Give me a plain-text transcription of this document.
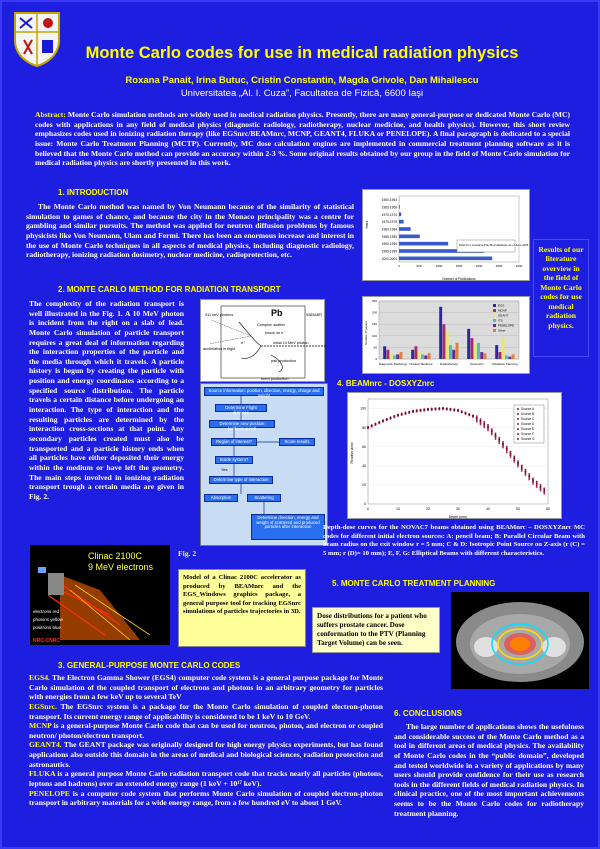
Monte Carlo codes for use in medical radiation physics
Roxana Panait, Irina Butuc, Cristin Constantin, Magda Grivole, Dan Mihailescu
Universitatea „Al. I. Cuza”, Facultatea de Fizică, 6600 Iaşi
Abstract: Monte Carlo simulation methods are widely used in medical radiation physics. Presently, there are many general-purpose or dedicated Monte Carlo (MC) codes with applications in any field of medical physics (diagnostic radiology, radiotherapy, nuclear medicine, and health physics). However, this short review emphasizes codes used in ionizing radiation therapy (like EGSnrc/BEAMnrc, MCNP, GEANT4, FLUKA or PENELOPE). A final paragraph is dedicated to a special issue: Monte Carlo Treatment Planning (MCTP). Currently, MC dose calculation engines are implemented in commercial treatment planning software as it is believed that the Monte Carlo method can provide an accuracy within 2-3 %. Some original results obtained by our group in the field of Monte Carlo simulation for medical radiation physics are shortly presented in this work.
1. INTRODUCTION
The Monte Carlo method was named by Von Neumann because of the similarity of statistical simulation to games of chance, and because the city in the Monaco principality was a centre for gambling and similar pursuits. The method was applied for neutron diffusion problems by famous physicists like Von Neumann, Ulam and Fermi. There has been an enormous increase and interest in the use of Monte Carlo techniques in all aspects of medical physics, including diagnostic radiology, radiotherapy, ionizing radiation dosimetry, nuclear medicine, radioprotection, etc.
1960-1964
1965-1969
1970-1974
1975-1979
1980-1984
1985-1989
1990-1994
1995-1999
2000-2004
0	500	1000	1500	2000	2500	3000
Data from Lusitania Pub-Med database as of June 2005
Number of Publications
Years
Results of our literature overview in the field of Monte Carlo codes for use medical radiation physics.
2. MONTE CARLO METHOD FOR RADIATION TRANSPORT
0
50
100
150
200
250
Diagnostic Radiology Nuclear Medicine Radiotherapy	Dosimetry	Radiation Planning
EGS
MCNP
GEANT
ITS
PENELOPE
Other
Number of papers
The complexity of the radiation transport is well illustrated in the Fig. 1. A 10 MeV photon is incident from the right on a slab of lead. Monte Carlo simulation of particle transport requires a great deal of information regarding the interaction properties of the particle and the media through which it travels. A particle history is begun by creating the particle with position and energy coordinates according to a specified source distribution. The particle travels a certain distance before undergoing an interaction. The type of interaction and the resulting particles are determined by the interaction cross-sections at that point. Any secondary particles created must also be transported and a particle history ends when all particles have either deposited their energy within the medium or have left the geometry. The main steps involved in ionizing radiation transport trough a certain media are given in Fig. 2.
Pb	vacuum
511 keV photons
Compton scatter
knock on e⁻
e⁺	initial 10 MeV photon
annihilation in flight
pair production
brem production
Source information: position, direction, energy, charge and weight
Determine Flight distance
Determine new position (collision point)
Region of interest?	Score results
Inside system?
Yes
Determine type of interaction
Absorption	Scattering
Determine direction, energy and weight of scattered and produced particles after interaction
Fig. 2
Clinac 2100C
9 MeV electrons
electrons red
photons yellow
positrons blue
NRC-CNRC
Model of a Clinac 2100C accelerator as produced by BEAMnrc and the EGS_Windows graphics package, a general purpose tool for tracking EGSnrc simulations of particles trajectories in 3D.
4. BEAMnrc - DOSXYZnrc
0
20
40
60
80
100
0	10	20	30	40	50	60
Source A
Source B
Source C
Source D
Source E
Source F
Source G
Depth (mm)
Relative dose
Depth-dose curves for the NOVAC7 beams obtained using BEAMnrc – DOSXYZnrc MC codes for different initial electron sources: A: pencil beam; B: Parallel Circular Beam with beam radius on the exit window r = 5 mm; C & D: Isotropic Point Source on Z-axis (r (C) = 5 mm; r (D)= 10 mm); E, F, G: Elliptical Beams with different characteristics.
5. MONTE CARLO TREATMENT PLANNING
Dose distributions for a patient who suffers prostate cancer. Dose conformation to the PTV (Planning Target Volume) can be seen.
3. GENERAL-PURPOSE MONTE CARLO CODES
EGS4. The Electron Gamma Shower (EGS4) computer code system is a general purpose package for Monte Carlo simulation of the coupled transport of electrons and photons in an arbitrary geometry for particles with energies from a few keV up to several TeV
EGSnrc. The EGSnrc system is a package for the Monte Carlo simulation of coupled electron-photon transport. Its current energy range of applicability is considered to be 1 keV to 10 GeV.
MCNP is a general-purpose Monte Carlo code that can be used for neutron, photon, and electron or coupled neutron/ photon/electron transport.
GEANT4. The GEANT package was originally designed for high energy physics experiments, but has found applications also outside this domain in the areas of medical and biological sciences, radiation protection and astronautics.
FLUKA is a general purpose Monte Carlo radiation transport code that tracks nearly all particles (photons, leptons and hadrons) over an extended energy range (1 keV + 10¹⁷ keV).
PENELOPE is a computer code system that performs Monte Carlo simulation of coupled electron-photon transport in arbitrary materials for a wide energy range, from a few hundred eV to about 1 GeV.
6. CONCLUSIONS
The large number of applications shows the usefulness and considerable success of the Monte Carlo method as a tool in different areas of medical physics. The availability of Monte Carlo codes in the “public domain”, developed and tested worldwide in a variety of applications by many users should provide confidence for their use as research tools in the different fields of medical radiation physics. In clinical practice, one of the most important achievements seems to be the Monte Carlo codes for radiotherapy treatment planning.
